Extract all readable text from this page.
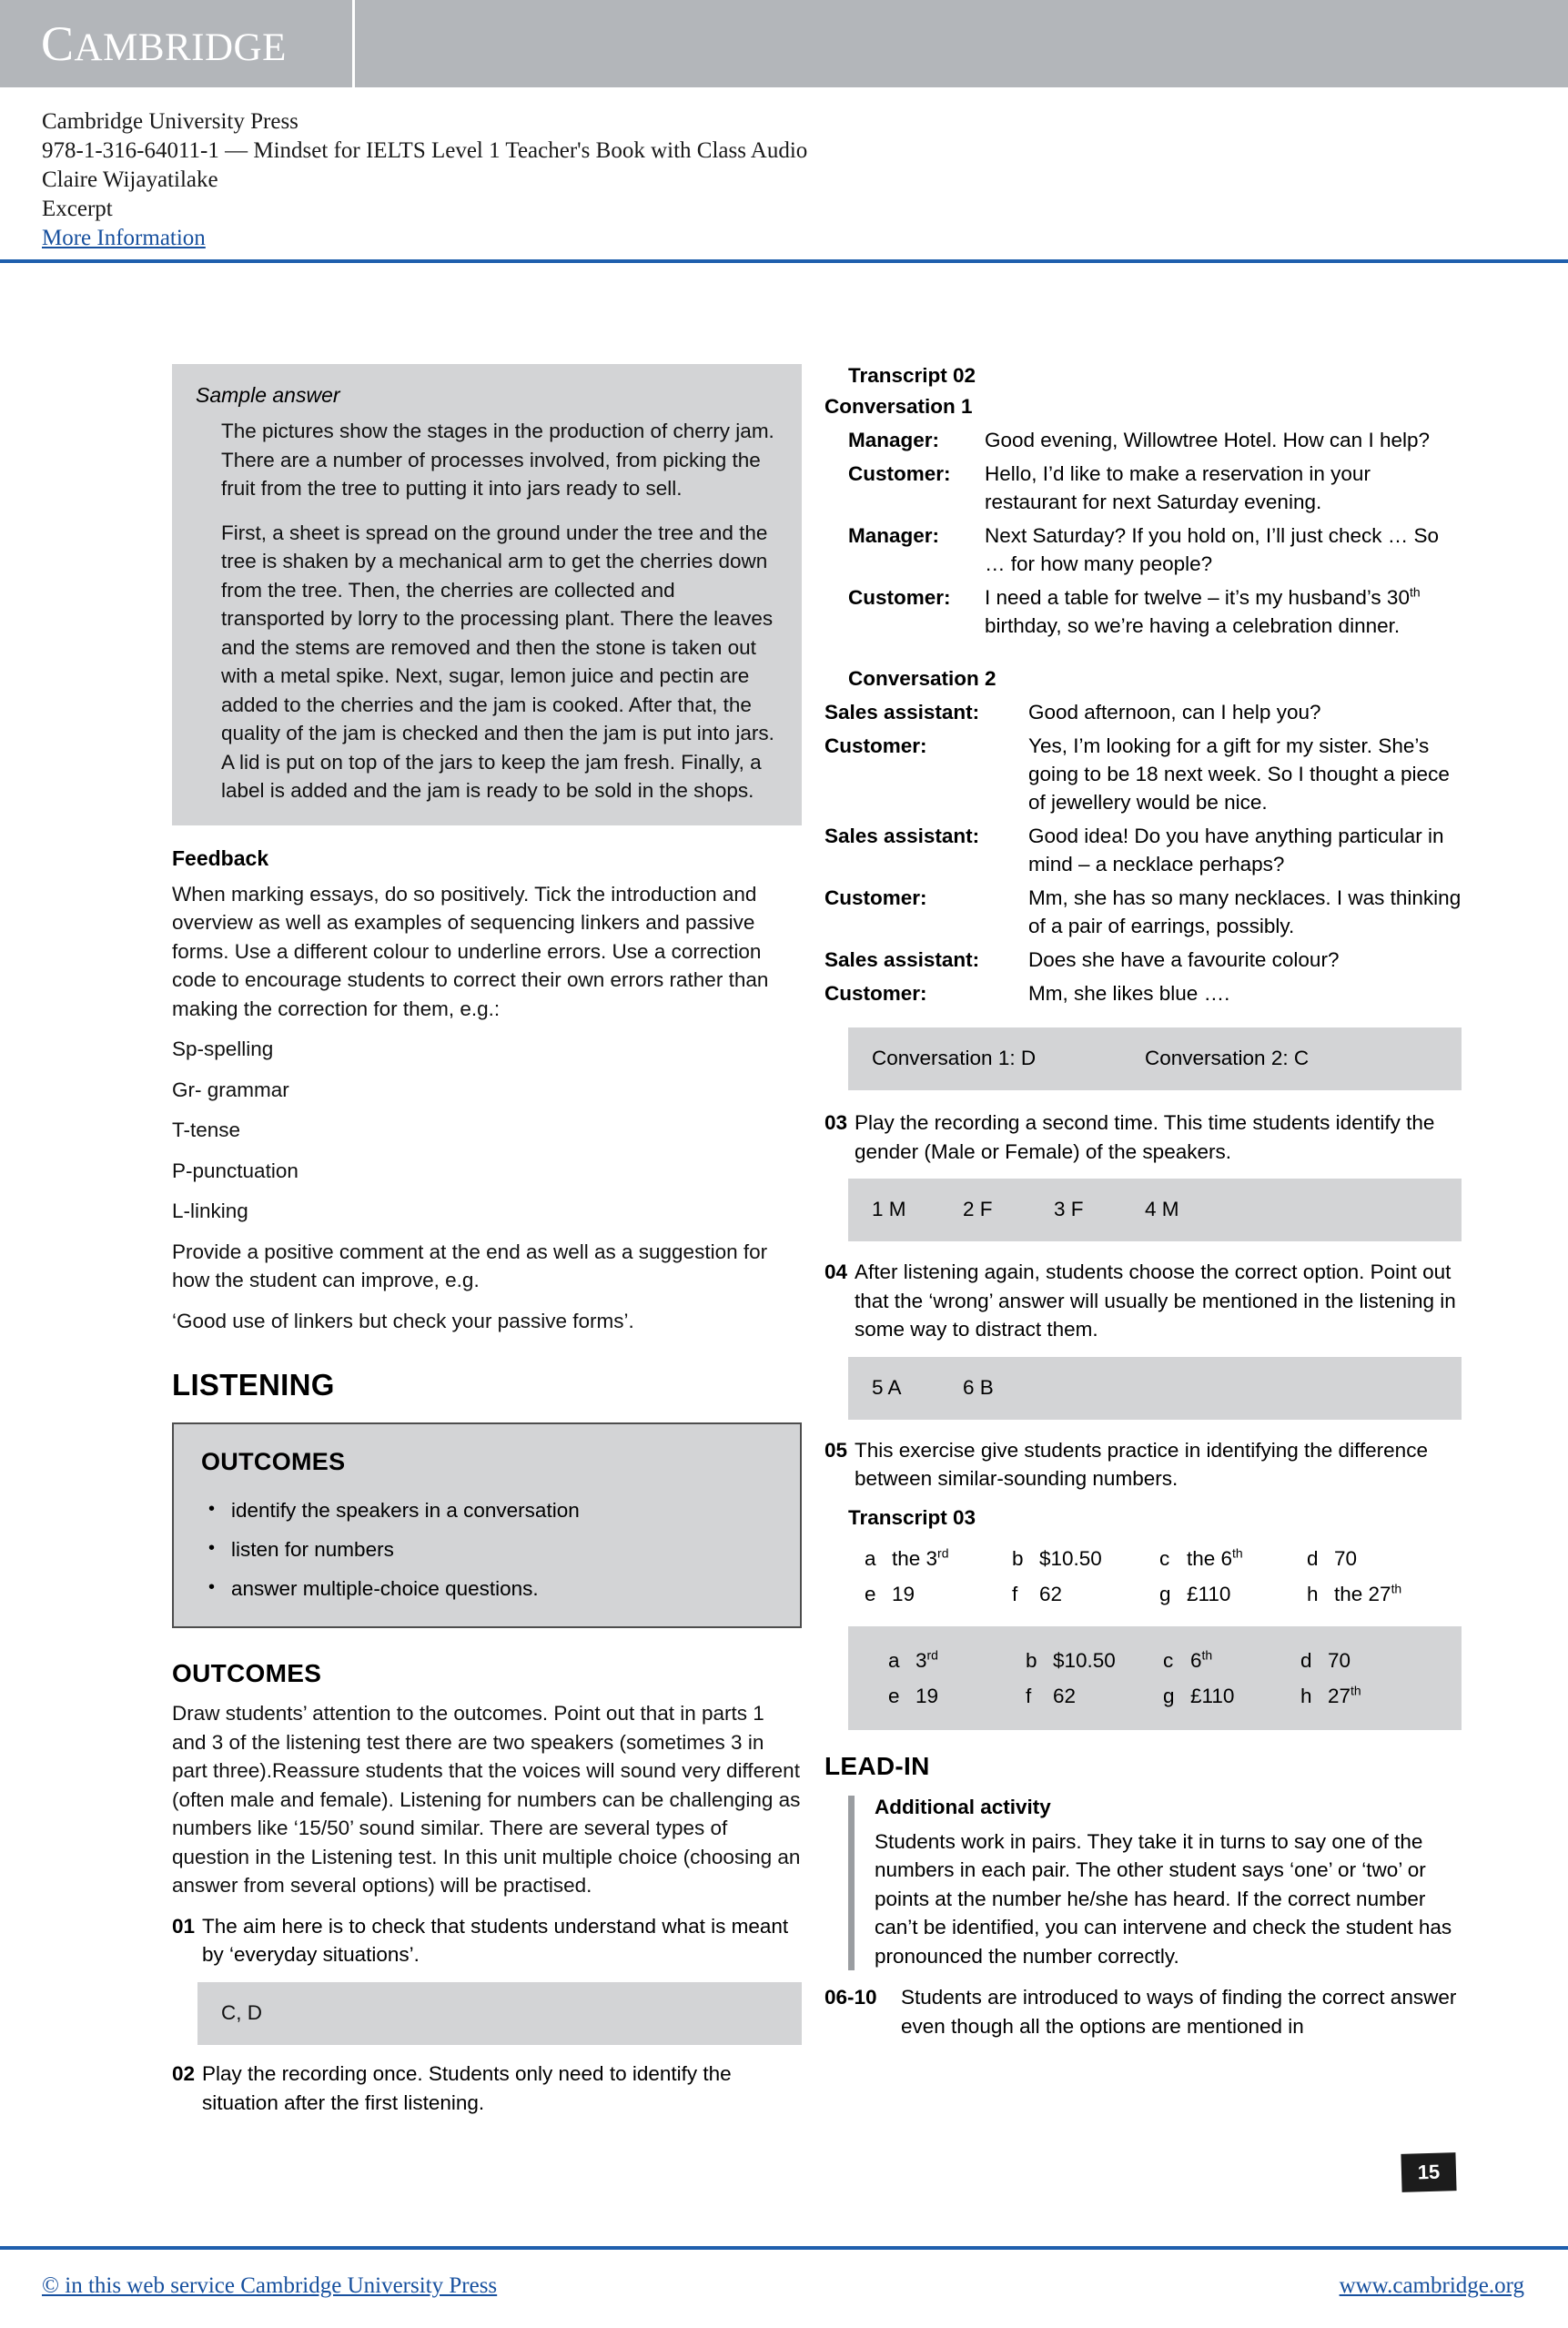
CAMBRIDGE
Cambridge University Press
978-1-316-64011-1 — Mindset for IELTS Level 1 Teacher's Book with Class Audio
Claire Wijayatilake
Excerpt
More Information
Sample answer

The pictures show the stages in the production of cherry jam. There are a number of processes involved, from picking the fruit from the tree to putting it into jars ready to sell.

First, a sheet is spread on the ground under the tree and the tree is shaken by a mechanical arm to get the cherries down from the tree. Then, the cherries are collected and transported by lorry to the processing plant. There the leaves and the stems are removed and then the stone is taken out with a metal spike. Next, sugar, lemon juice and pectin are added to the cherries and the jam is cooked. After that, the quality of the jam is checked and then the jam is put into jars. A lid is put on top of the jars to keep the jam fresh. Finally, a label is added and the jam is ready to be sold in the shops.

Feedback

When marking essays, do so positively. Tick the introduction and overview as well as examples of sequencing linkers and passive forms. Use a different colour to underline errors. Use a correction code to encourage students to correct their own errors rather than making the correction for them, e.g.:

Sp-spelling

Gr- grammar

T-tense

P-punctuation

L-linking

Provide a positive comment at the end as well as a suggestion for how the student can improve, e.g.

‘Good use of linkers but check your passive forms’.

LISTENING
OUTCOMES
• identify the speakers in a conversation
• listen for numbers
• answer multiple-choice questions.
OUTCOMES

Draw students’ attention to the outcomes. Point out that in parts 1 and 3 of the listening test there are two speakers (sometimes 3 in part three).Reassure students that the voices will sound very different (often male and female). Listening for numbers can be challenging as numbers like ‘15/50’ sound similar. There are several types of question in the Listening test. In this unit multiple choice (choosing an answer from several options) will be practised.

01 The aim here is to check that students understand what is meant by ‘everyday situations’.
C, D
02 Play the recording once. Students only need to identify the situation after the first listening.
Transcript 02
Conversation 1
Manager:	Good evening, Willowtree Hotel. How can I help?
Customer:	Hello, I’d like to make a reservation in your restaurant for next Saturday evening.
Manager:	Next Saturday? If you hold on, I’ll just check … So … for how many people?
Customer:	I need a table for twelve – it’s my husband’s 30th birthday, so we’re having a celebration dinner.
Conversation 2
Sales assistant:	Good afternoon, can I help you?
Customer:	Yes, I’m looking for a gift for my sister. She’s going to be 18 next week. So I thought a piece of jewellery would be nice.
Sales assistant:	Good idea! Do you have anything particular in mind – a necklace perhaps?
Customer:	Mm, she has so many necklaces. I was thinking of a pair of earrings, possibly.
Sales assistant:	Does she have a favourite colour?
Customer:	Mm, she likes blue ….
Conversation 1: D	Conversation 2: C
03 Play the recording a second time. This time students identify the gender (Male or Female) of the speakers.
1 M	2 F	3 F	4 M
04 After listening again, students choose the correct option. Point out that the ‘wrong’ answer will usually be mentioned in the listening in some way to distract them.
5 A	6 B
05 This exercise give students practice in identifying the difference between similar-sounding numbers.
Transcript 03
a the 3rd	b $10.50	c the 6th	d 70
e 19	f	62	g £110	h the 27th
a 3rd	b $10.50 c 6th	d 70
e 19	f	62	g £110	h 27th
LEAD-IN
Additional activity

Students work in pairs. They take it in turns to say one of the numbers in each pair. The other student says ‘one’ or ‘two’ or points at the number he/she has heard. If the correct number can’t be identified, you can intervene and check the student has pronounced the number correctly.

06-10	Students are introduced to ways of finding the correct answer even though all the options are mentioned in
15
© in this web service Cambridge University Press	www.cambridge.org
